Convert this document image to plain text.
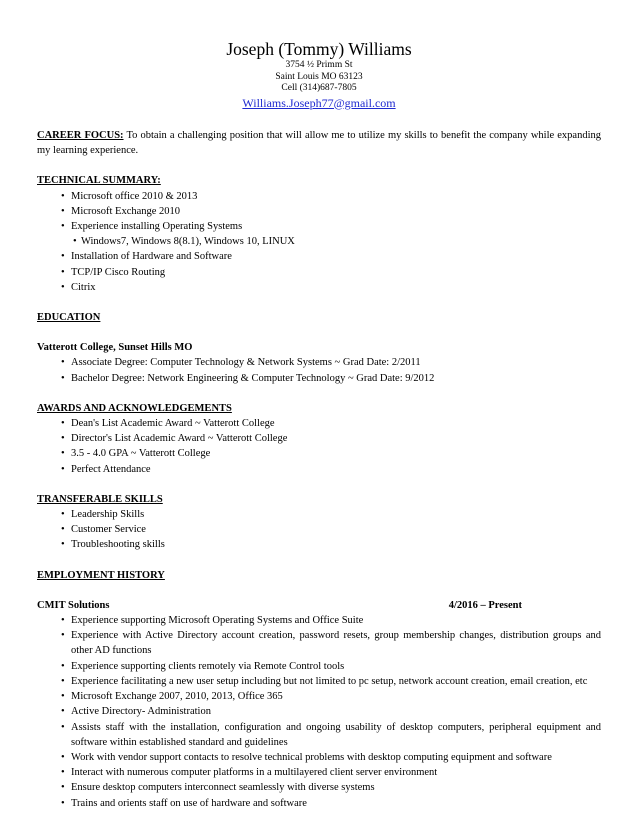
Joseph (Tommy) Williams
3754 ½ Primm St
Saint Louis MO 63123
Cell (314)687-7805
Williams.Joseph77@gmail.com
CAREER FOCUS: To obtain a challenging position that will allow me to utilize my skills to benefit the company while expanding my learning experience.
TECHNICAL SUMMARY:
• Microsoft office 2010 & 2013
• Microsoft Exchange 2010
• Experience installing Operating Systems
• Windows7, Windows 8(8.1), Windows 10, LINUX
• Installation of Hardware and Software
• TCP/IP Cisco Routing
• Citrix
EDUCATION
Vatterott College, Sunset Hills MO
• Associate Degree: Computer Technology & Network Systems ~ Grad Date: 2/2011
• Bachelor Degree: Network Engineering & Computer Technology ~ Grad Date: 9/2012
AWARDS AND ACKNOWLEDGEMENTS
• Dean's List Academic Award ~ Vatterott College
• Director's List Academic Award ~ Vatterott College
• 3.5 - 4.0 GPA ~ Vatterott College
• Perfect Attendance
TRANSFERABLE SKILLS
• Leadership Skills
• Customer Service
• Troubleshooting skills
EMPLOYMENT HISTORY
CMIT Solutions	4/2016 – Present
• Experience supporting Microsoft Operating Systems and Office Suite
• Experience with Active Directory account creation, password resets, group membership changes, distribution groups and other AD functions
• Experience supporting clients remotely via Remote Control tools
• Experience facilitating a new user setup including but not limited to pc setup, network account creation, email creation, etc
• Microsoft Exchange 2007, 2010, 2013, Office 365
• Active Directory- Administration
• Assists staff with the installation, configuration and ongoing usability of desktop computers, peripheral equipment and software within established standard and guidelines
• Work with vendor support contacts to resolve technical problems with desktop computing equipment and software
• Interact with numerous computer platforms in a multilayered client server environment
• Ensure desktop computers interconnect seamlessly with diverse systems
• Trains and orients staff on use of hardware and software
